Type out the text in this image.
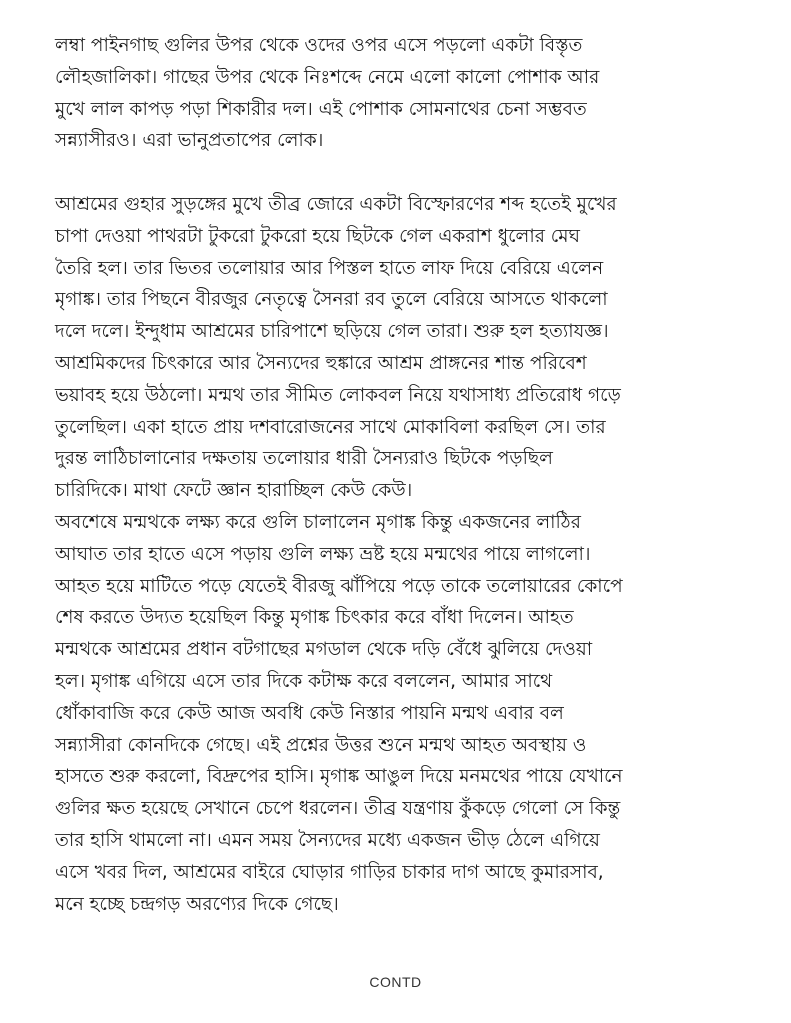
লম্বা পাইনগাছ গুলির উপর থেকে ওদের ওপর এসে পড়লো একটা বিস্তৃত
লৌহজালিকা। গাছের উপর থেকে নিঃশব্দে নেমে এলো কালো পোশাক আর
মুখে লাল কাপড় পড়া শিকারীর দল। এই পোশাক সোমনাথের চেনা সম্ভবত
সন্ন্যাসীরও। এরা ভানুপ্রতাপের লোক।
আশ্রমের গুহার সুড়ঙ্গের মুখে তীব্র জোরে একটা বিস্ফোরণের শব্দ হতেই মুখের
চাপা দেওয়া পাথরটা টুকরো টুকরো হয়ে ছিটকে গেল একরাশ ধুলোর মেঘ
তৈরি হল। তার ভিতর তলোয়ার আর পিস্তল হাতে লাফ দিয়ে বেরিয়ে এলেন
মৃগাঙ্ক। তার পিছনে বীরজুর নেতৃত্বে সৈনরা রব তুলে বেরিয়ে আসতে থাকলো
দলে দলে। ইন্দুধাম আশ্রমের চারিপাশে ছড়িয়ে গেল তারা। শুরু হল হত্যাযজ্ঞ।
আশ্রমিকদের চিৎকারে আর সৈন্যদের হুঙ্কারে আশ্রম প্রাঙ্গনের শান্ত পরিবেশ
ভয়াবহ হয়ে উঠলো। মন্মথ তার সীমিত লোকবল নিয়ে যথাসাধ্য প্রতিরোধ গড়ে
তুলেছিল। একা হাতে প্রায় দশবারোজনের সাথে মোকাবিলা করছিল সে। তার
দুরন্ত লাঠিচালানোর দক্ষতায় তলোয়ার ধারী সৈন্যরাও ছিটকে পড়ছিল
চারিদিকে। মাথা ফেটে জ্ঞান হারাচ্ছিল কেউ কেউ।
অবশেষে মন্মথকে লক্ষ্য করে গুলি চালালেন মৃগাঙ্ক কিন্তু একজনের লাঠির
আঘাত তার হাতে এসে পড়ায় গুলি লক্ষ্য ভ্রষ্ট হয়ে মন্মথের পায়ে লাগলো।
আহত হয়ে মাটিতে পড়ে যেতেই বীরজু ঝাঁপিয়ে পড়ে তাকে তলোয়ারের কোপে
শেষ করতে উদ্যত হয়েছিল কিন্তু মৃগাঙ্ক চিৎকার করে বাঁধা দিলেন। আহত
মন্মথকে আশ্রমের প্রধান বটগাছের মগডাল থেকে দড়ি বেঁধে ঝুলিয়ে দেওয়া
হল। মৃগাঙ্ক এগিয়ে এসে তার দিকে কটাক্ষ করে বললেন, আমার সাথে
ধোঁকাবাজি করে কেউ আজ অবধি কেউ নিস্তার পায়নি মন্মথ এবার বল
সন্ন্যাসীরা কোনদিকে গেছে। এই প্রশ্নের উত্তর শুনে মন্মথ আহত অবস্থায় ও
হাসতে শুরু করলো, বিদ্রুপের হাসি। মৃগাঙ্ক আঙুল দিয়ে মনমথের পায়ে যেখানে
গুলির ক্ষত হয়েছে সেখানে চেপে ধরলেন। তীব্র যন্ত্রণায় কুঁকড়ে গেলো সে কিন্তু
তার হাসি থামলো না। এমন সময় সৈন্যদের মধ্যে একজন ভীড় ঠেলে এগিয়ে
এসে খবর দিল, আশ্রমের বাইরে ঘোড়ার গাড়ির চাকার দাগ আছে কুমারসাব,
মনে হচ্ছে চন্দ্রগড় অরণ্যের দিকে গেছে।
CONTD
